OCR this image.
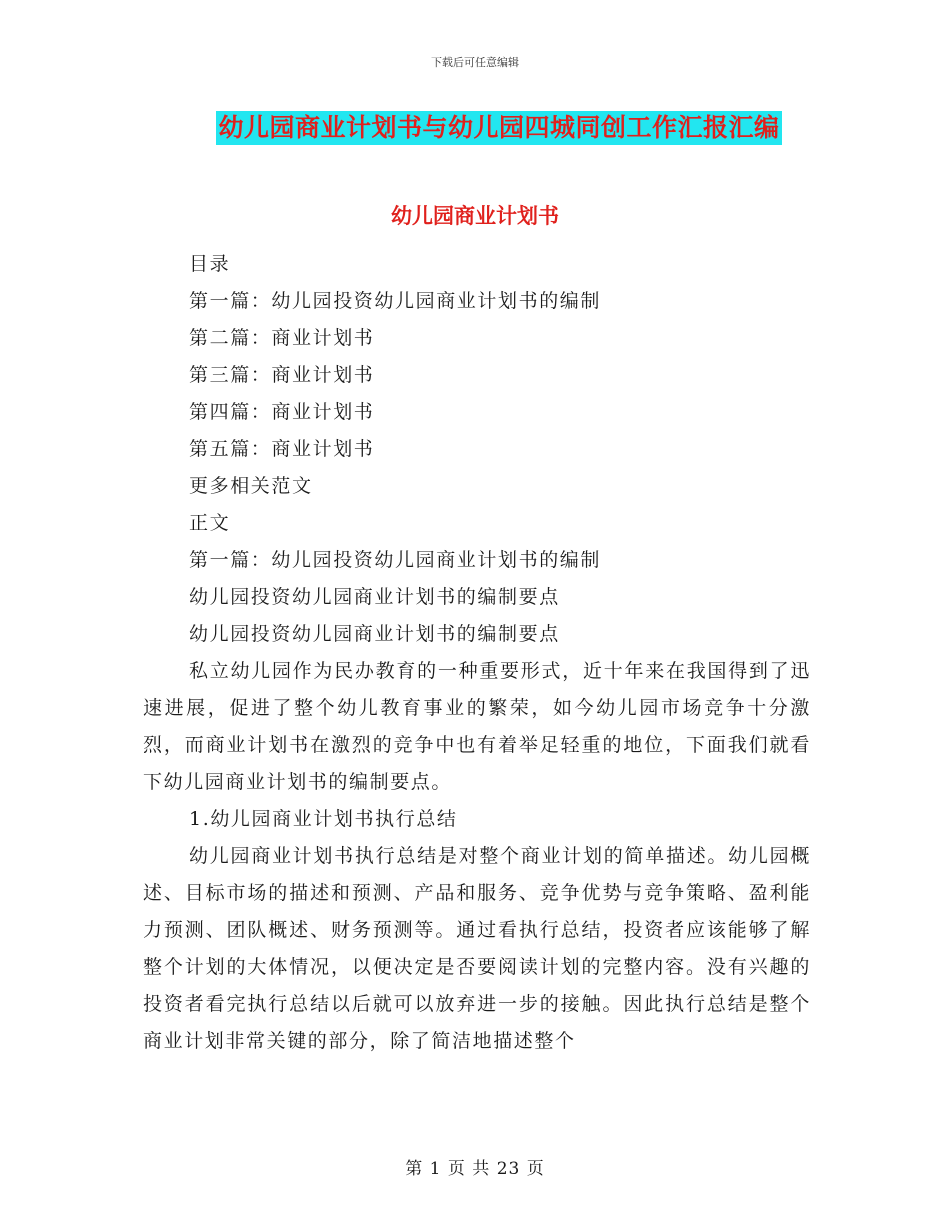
下载后可任意编辑
幼儿园商业计划书与幼儿园四城同创工作汇报汇编
幼儿园商业计划书
目录
第一篇：幼儿园投资幼儿园商业计划书的编制
第二篇：商业计划书
第三篇：商业计划书
第四篇：商业计划书
第五篇：商业计划书
更多相关范文
正文
第一篇：幼儿园投资幼儿园商业计划书的编制
幼儿园投资幼儿园商业计划书的编制要点
幼儿园投资幼儿园商业计划书的编制要点

私立幼儿园作为民办教育的一种重要形式，近十年来在我国得到了迅速进展，促进了整个幼儿教育事业的繁荣，如今幼儿园市场竞争十分激烈，而商业计划书在激烈的竞争中也有着举足轻重的地位，下面我们就看下幼儿园商业计划书的编制要点。

1.幼儿园商业计划书执行总结

幼儿园商业计划书执行总结是对整个商业计划的简单描述。幼儿园概述、目标市场的描述和预测、产品和服务、竞争优势与竞争策略、盈利能力预测、团队概述、财务预测等。通过看执行总结，投资者应该能够了解整个计划的大体情况，以便决定是否要阅读计划的完整内容。没有兴趣的投资者看完执行总结以后就可以放弃进一步的接触。因此执行总结是整个商业计划非常关键的部分，除了简洁地描述整个

第 1 页 共 23 页
